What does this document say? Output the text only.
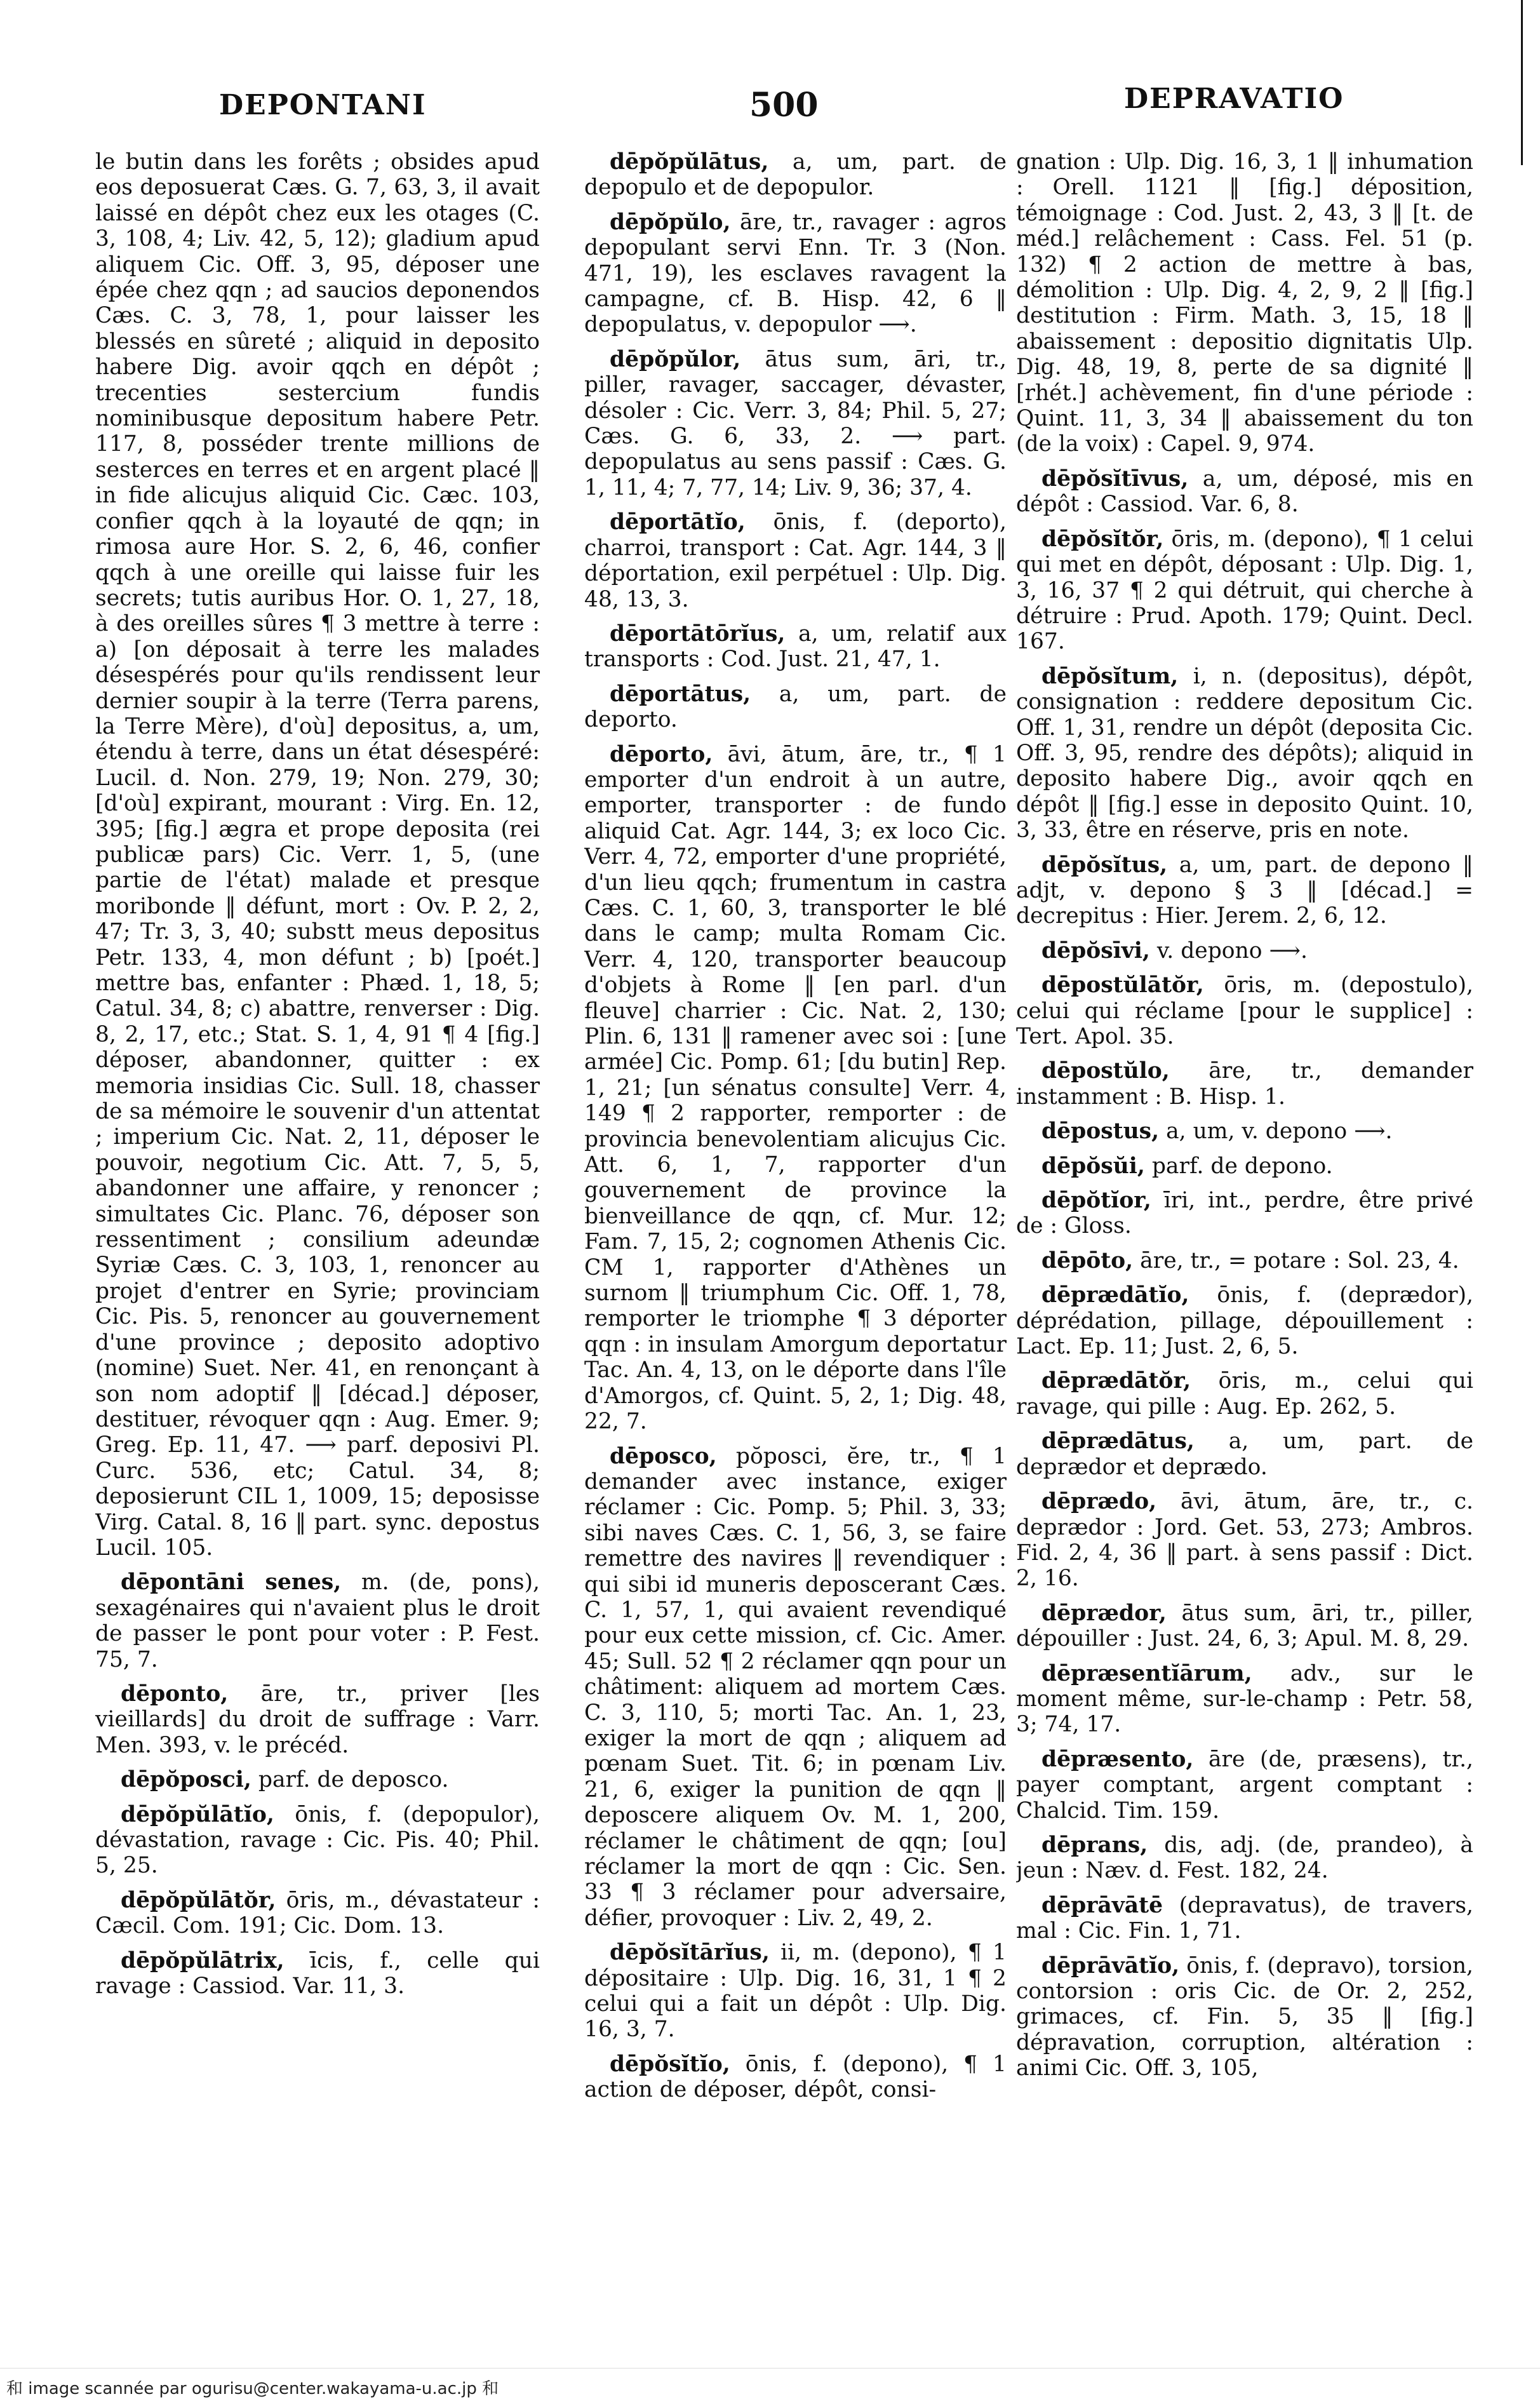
DEPONTANI	500	DEPRAVATIO

le butin dans les forêts ; obsides apud eos deposuerat Cæs. G. 7, 63, 3, il avait laissé en dépôt chez eux les otages (C. 3, 108, 4; Liv. 42, 5, 12); gladium apud aliquem Cic. Off. 3, 95, déposer une épée chez qqn ; ad saucios deponendos Cæs. C. 3, 78, 1, pour laisser les blessés en sûreté ; aliquid in deposito habere Dig. avoir qqch en dépôt ; trecenties sestercium fundis nominibusque depositum habere Petr. 117, 8, posséder trente millions de sesterces en terres et en argent placé ‖ in fide alicujus aliquid Cic. Cæc. 103, confier qqch à la loyauté de qqn; in rimosa aure Hor. S. 2, 6, 46, confier qqch à une oreille qui laisse fuir les secrets; tutis auribus Hor. O. 1, 27, 18, à des oreilles sûres ¶ 3 mettre à terre : a) [on déposait à terre les malades désespérés pour qu'ils rendissent leur dernier soupir à la terre (Terra parens, la Terre Mère), d'où] depositus, a, um, étendu à terre, dans un état désespéré: Lucil. d. Non. 279, 19; Non. 279, 30; [d'où] expirant, mourant : Virg. En. 12, 395; [fig.] ægra et prope deposita (rei publicæ pars) Cic. Verr. 1, 5, (une partie de l'état) malade et presque moribonde ‖ défunt, mort : Ov. P. 2, 2, 47; Tr. 3, 3, 40; substt meus depositus Petr. 133, 4, mon défunt ; b) [poét.] mettre bas, enfanter : Phæd. 1, 18, 5; Catul. 34, 8; c) abattre, renverser : Dig. 8, 2, 17, etc.; Stat. S. 1, 4, 91 ¶ 4 [fig.] déposer, abandonner, quitter : ex memoria insidias Cic. Sull. 18, chasser de sa mémoire le souvenir d'un attentat ; imperium Cic. Nat. 2, 11, déposer le pouvoir, negotium Cic. Att. 7, 5, 5, abandonner une affaire, y renoncer ; simultates Cic. Planc. 76, déposer son ressentiment ; consilium adeundæ Syriæ Cæs. C. 3, 103, 1, renoncer au projet d'entrer en Syrie; provinciam Cic. Pis. 5, renoncer au gouvernement d'une province ; deposito adoptivo (nomine) Suet. Ner. 41, en renonçant à son nom adoptif ‖ [décad.] déposer, destituer, révoquer qqn : Aug. Emer. 9; Greg. Ep. 11, 47. ⟶ parf. deposivi Pl. Curc. 536, etc; Catul. 34, 8; deposierunt CIL 1, 1009, 15; deposisse Virg. Catal. 8, 16 ‖ part. sync. depostus Lucil. 105.

dēpontāni senes, m. (de, pons), sexagénaires qui n'avaient plus le droit de passer le pont pour voter : P. Fest. 75, 7.

dēponto, āre, tr., priver [les vieillards] du droit de suffrage : Varr. Men. 393, v. le précéd.

dēpŏposci, parf. de deposco.

dēpŏpŭlātĭo, ōnis, f. (depopulor), dévastation, ravage : Cic. Pis. 40; Phil. 5, 25.

dēpŏpŭlātŏr, ōris, m., dévastateur : Cæcil. Com. 191; Cic. Dom. 13.

dēpŏpŭlātrix, īcis, f., celle qui ravage : Cassiod. Var. 11, 3.

dēpŏpŭlātus, a, um, part. de depopulo et de depopulor.

dēpŏpŭlo, āre, tr., ravager : agros depopulant servi Enn. Tr. 3 (Non. 471, 19), les esclaves ravagent la campagne, cf. B. Hisp. 42, 6 ‖ depopulatus, v. depopulor ⟶.

dēpŏpŭlor, ātus sum, āri, tr., piller, ravager, saccager, dévaster, désoler : Cic. Verr. 3, 84; Phil. 5, 27; Cæs. G. 6, 33, 2. ⟶ part. depopulatus au sens passif : Cæs. G. 1, 11, 4; 7, 77, 14; Liv. 9, 36; 37, 4.

dēportātĭo, ōnis, f. (deporto), charroi, transport : Cat. Agr. 144, 3 ‖ déportation, exil perpétuel : Ulp. Dig. 48, 13, 3.

dēportātōrĭus, a, um, relatif aux transports : Cod. Just. 21, 47, 1.

dēportātus, a, um, part. de deporto.

dēporto, āvi, ātum, āre, tr., ¶ 1 emporter d'un endroit à un autre, emporter, transporter : de fundo aliquid Cat. Agr. 144, 3; ex loco Cic. Verr. 4, 72, emporter d'une propriété, d'un lieu qqch; frumentum in castra Cæs. C. 1, 60, 3, transporter le blé dans le camp; multa Romam Cic. Verr. 4, 120, transporter beaucoup d'objets à Rome ‖ [en parl. d'un fleuve] charrier : Cic. Nat. 2, 130; Plin. 6, 131 ‖ ramener avec soi : [une armée] Cic. Pomp. 61; [du butin] Rep. 1, 21; [un sénatus consulte] Verr. 4, 149 ¶ 2 rapporter, remporter : de provincia benevolentiam alicujus Cic. Att. 6, 1, 7, rapporter d'un gouvernement de province la bienveillance de qqn, cf. Mur. 12; Fam. 7, 15, 2; cognomen Athenis Cic. CM 1, rapporter d'Athènes un surnom ‖ triumphum Cic. Off. 1, 78, remporter le triomphe ¶ 3 déporter qqn : in insulam Amorgum deportatur Tac. An. 4, 13, on le déporte dans l'île d'Amorgos, cf. Quint. 5, 2, 1; Dig. 48, 22, 7.

dēposco, pŏposci, ĕre, tr., ¶ 1 demander avec instance, exiger réclamer : Cic. Pomp. 5; Phil. 3, 33; sibi naves Cæs. C. 1, 56, 3, se faire remettre des navires ‖ revendiquer : qui sibi id muneris deposcerant Cæs. C. 1, 57, 1, qui avaient revendiqué pour eux cette mission, cf. Cic. Amer. 45; Sull. 52 ¶ 2 réclamer qqn pour un châtiment: aliquem ad mortem Cæs. C. 3, 110, 5; morti Tac. An. 1, 23, exiger la mort de qqn ; aliquem ad pœnam Suet. Tit. 6; in pœnam Liv. 21, 6, exiger la punition de qqn ‖ deposcere aliquem Ov. M. 1, 200, réclamer le châtiment de qqn; [ou] réclamer la mort de qqn : Cic. Sen. 33 ¶ 3 réclamer pour adversaire, défier, provoquer : Liv. 2, 49, 2.

dēpŏsĭtārĭus, ii, m. (depono), ¶ 1 dépositaire : Ulp. Dig. 16, 31, 1 ¶ 2 celui qui a fait un dépôt : Ulp. Dig. 16, 3, 7.

dēpŏsĭtĭo, ōnis, f. (depono), ¶ 1 action de déposer, dépôt, consi-

gnation : Ulp. Dig. 16, 3, 1 ‖ inhumation : Orell. 1121 ‖ [fig.] déposition, témoignage : Cod. Just. 2, 43, 3 ‖ [t. de méd.] relâchement : Cass. Fel. 51 (p. 132) ¶ 2 action de mettre à bas, démolition : Ulp. Dig. 4, 2, 9, 2 ‖ [fig.] destitution : Firm. Math. 3, 15, 18 ‖ abaissement : depositio dignitatis Ulp. Dig. 48, 19, 8, perte de sa dignité ‖ [rhét.] achèvement, fin d'une période : Quint. 11, 3, 34 ‖ abaissement du ton (de la voix) : Capel. 9, 974.

dēpŏsĭtīvus, a, um, déposé, mis en dépôt : Cassiod. Var. 6, 8.

dēpŏsĭtŏr, ōris, m. (depono), ¶ 1 celui qui met en dépôt, déposant : Ulp. Dig. 1, 3, 16, 37 ¶ 2 qui détruit, qui cherche à détruire : Prud. Apoth. 179; Quint. Decl. 167.

dēpŏsĭtum, i, n. (depositus), dépôt, consignation : reddere depositum Cic. Off. 1, 31, rendre un dépôt (deposita Cic. Off. 3, 95, rendre des dépôts); aliquid in deposito habere Dig., avoir qqch en dépôt ‖ [fig.] esse in deposito Quint. 10, 3, 33, être en réserve, pris en note.

dēpŏsĭtus, a, um, part. de depono ‖ adjt, v. depono § 3 ‖ [décad.] = decrepitus : Hier. Jerem. 2, 6, 12.

dēpŏsīvi, v. depono ⟶.

dēpostŭlātŏr, ōris, m. (depostulo), celui qui réclame [pour le supplice] : Tert. Apol. 35.

dēpostŭlo, āre, tr., demander instamment : B. Hisp. 1.

dēpostus, a, um, v. depono ⟶.

dēpŏsŭi, parf. de depono.

dēpŏtĭor, īri, int., perdre, être privé de : Gloss.

dēpōto, āre, tr., = potare : Sol. 23, 4.

dēprædātĭo, ōnis, f. (deprædor), déprédation, pillage, dépouillement : Lact. Ep. 11; Just. 2, 6, 5.

dēprædātŏr, ōris, m., celui qui ravage, qui pille : Aug. Ep. 262, 5.

dēprædātus, a, um, part. de deprædor et deprædo.

dēprædo, āvi, ātum, āre, tr., c. deprædor : Jord. Get. 53, 273; Ambros. Fid. 2, 4, 36 ‖ part. à sens passif : Dict. 2, 16.

dēprædor, ātus sum, āri, tr., piller, dépouiller : Just. 24, 6, 3; Apul. M. 8, 29.

dēpræsentĭārum, adv., sur le moment même, sur-le-champ : Petr. 58, 3; 74, 17.

dēpræsento, āre (de, præsens), tr., payer comptant, argent comptant : Chalcid. Tim. 159.

dēprans, dis, adj. (de, prandeo), à jeun : Næv. d. Fest. 182, 24.

dēprāvātē (depravatus), de travers, mal : Cic. Fin. 1, 71.

dēprāvātĭo, ōnis, f. (depravo), torsion, contorsion : oris Cic. de Or. 2, 252, grimaces, cf. Fin. 5, 35 ‖ [fig.] dépravation, corruption, altération : animi Cic. Off. 3, 105,

和 image scannée par ogurisu@center.wakayama-u.ac.jp 和
